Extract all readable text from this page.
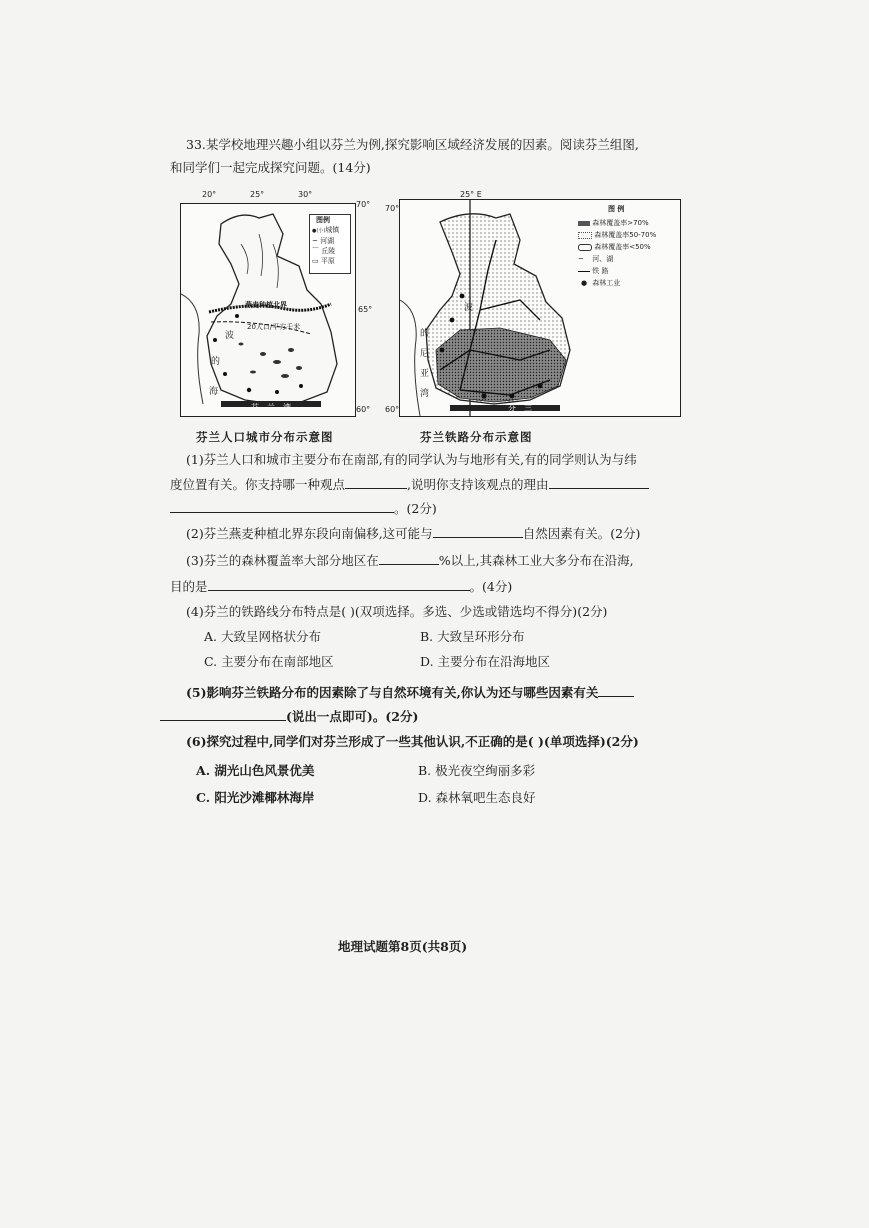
33.某学校地理兴趣小组以芬兰为例,探究影响区域经济发展的因素。阅读芬兰组图,
和同学们一起完成探究问题。(14分)
20°	25°	30°
70°
65°
60°
波
的
海
芬 兰 湾
燕麦种植北界
20人口/平方千米
图例
●(小)城镇
~ 河湖
⌒ 丘陵
▭ 平原
芬兰人口城市分布示意图
25° E
70°
60°
波
的
尼
亚
湾
芬 兰
图 例
森林覆盖率>70%
森林覆盖率50-70%
森林覆盖率<50%
~ 河、湖
铁 路
● 森林工业
芬兰铁路分布示意图
(1)芬兰人口和城市主要分布在南部,有的同学认为与地形有关,有的同学则认为与纬
度位置有关。你支持哪一种观点	,说明你支持该观点的理由
。(2分)
(2)芬兰燕麦种植北界东段向南偏移,这可能与	自然因素有关。(2分)
(3)芬兰的森林覆盖率大部分地区在	%以上,其森林工业大多分布在沿海,
目的是	。(4分)
(4)芬兰的铁路线分布特点是( )(双项选择。多选、少选或错选均不得分)(2分)
A. 大致呈网格状分布	B. 大致呈环形分布
C. 主要分布在南部地区	D. 主要分布在沿海地区
(5)影响芬兰铁路分布的因素除了与自然环境有关,你认为还与哪些因素有关
(说出一点即可)。(2分)
(6)探究过程中,同学们对芬兰形成了一些其他认识,不正确的是( )(单项选择)(2分)
A. 湖光山色风景优美	B. 极光夜空绚丽多彩
C. 阳光沙滩椰林海岸	D. 森林氧吧生态良好
地理试题第8页(共8页)
